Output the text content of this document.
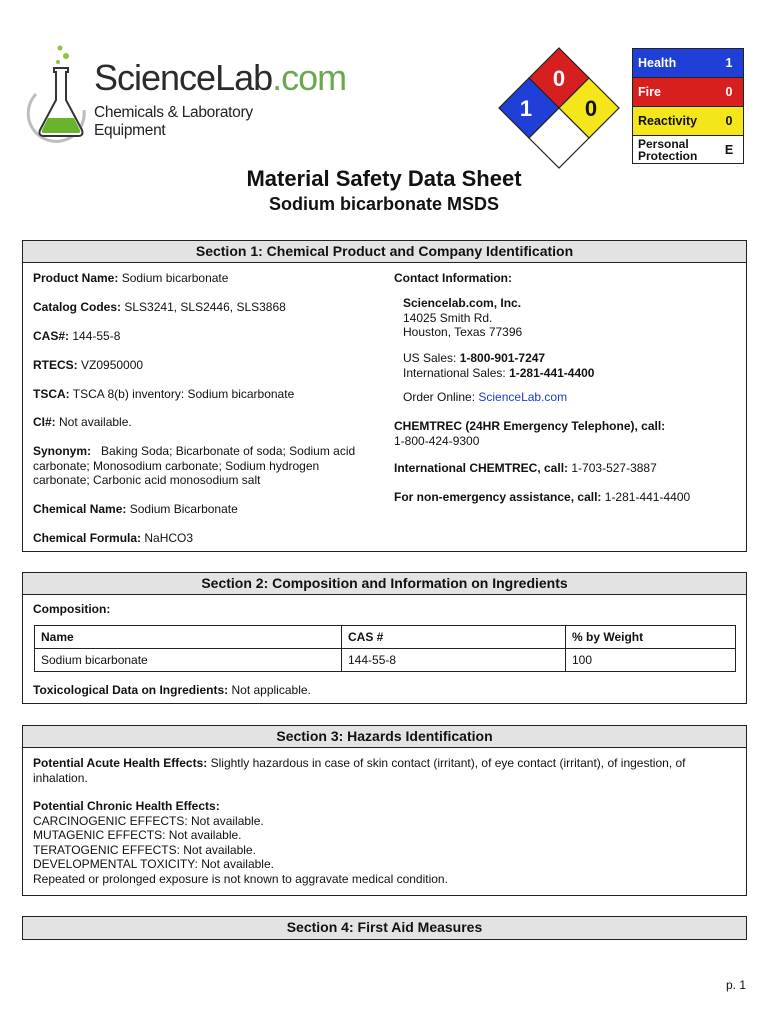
ScienceLab.com
Chemicals & Laboratory Equipment
0
1 0
Health	1
Fire	0
Reactivity	0
Personal
Protection	E
Material Safety Data Sheet
Sodium bicarbonate MSDS
Section 1: Chemical Product and Company Identification
Product Name: Sodium bicarbonate
Catalog Codes: SLS3241, SLS2446, SLS3868
CAS#: 144-55-8
RTECS: VZ0950000
TSCA: TSCA 8(b) inventory: Sodium bicarbonate
CI#: Not available.
Synonym: Baking Soda; Bicarbonate of soda; Sodium acid
carbonate; Monosodium carbonate; Sodium hydrogen
carbonate; Carbonic acid monosodium salt
Chemical Name: Sodium Bicarbonate
Chemical Formula: NaHCO3
Contact Information:
Sciencelab.com, Inc.
14025 Smith Rd.
Houston, Texas 77396
US Sales: 1-800-901-7247
International Sales: 1-281-441-4400
Order Online: ScienceLab.com
CHEMTREC (24HR Emergency Telephone), call:
1-800-424-9300
International CHEMTREC, call: 1-703-527-3887
For non-emergency assistance, call: 1-281-441-4400
Section 2: Composition and Information on Ingredients
Composition:
Name	CAS #	% by Weight
Sodium bicarbonate	144-55-8	100
Toxicological Data on Ingredients: Not applicable.
Section 3: Hazards Identification
Potential Acute Health Effects: Slightly hazardous in case of skin contact (irritant), of eye contact (irritant), of ingestion, of
inhalation.
Potential Chronic Health Effects:
CARCINOGENIC EFFECTS: Not available.
MUTAGENIC EFFECTS: Not available.
TERATOGENIC EFFECTS: Not available.
DEVELOPMENTAL TOXICITY: Not available.
Repeated or prolonged exposure is not known to aggravate medical condition.
Section 4: First Aid Measures
p. 1
